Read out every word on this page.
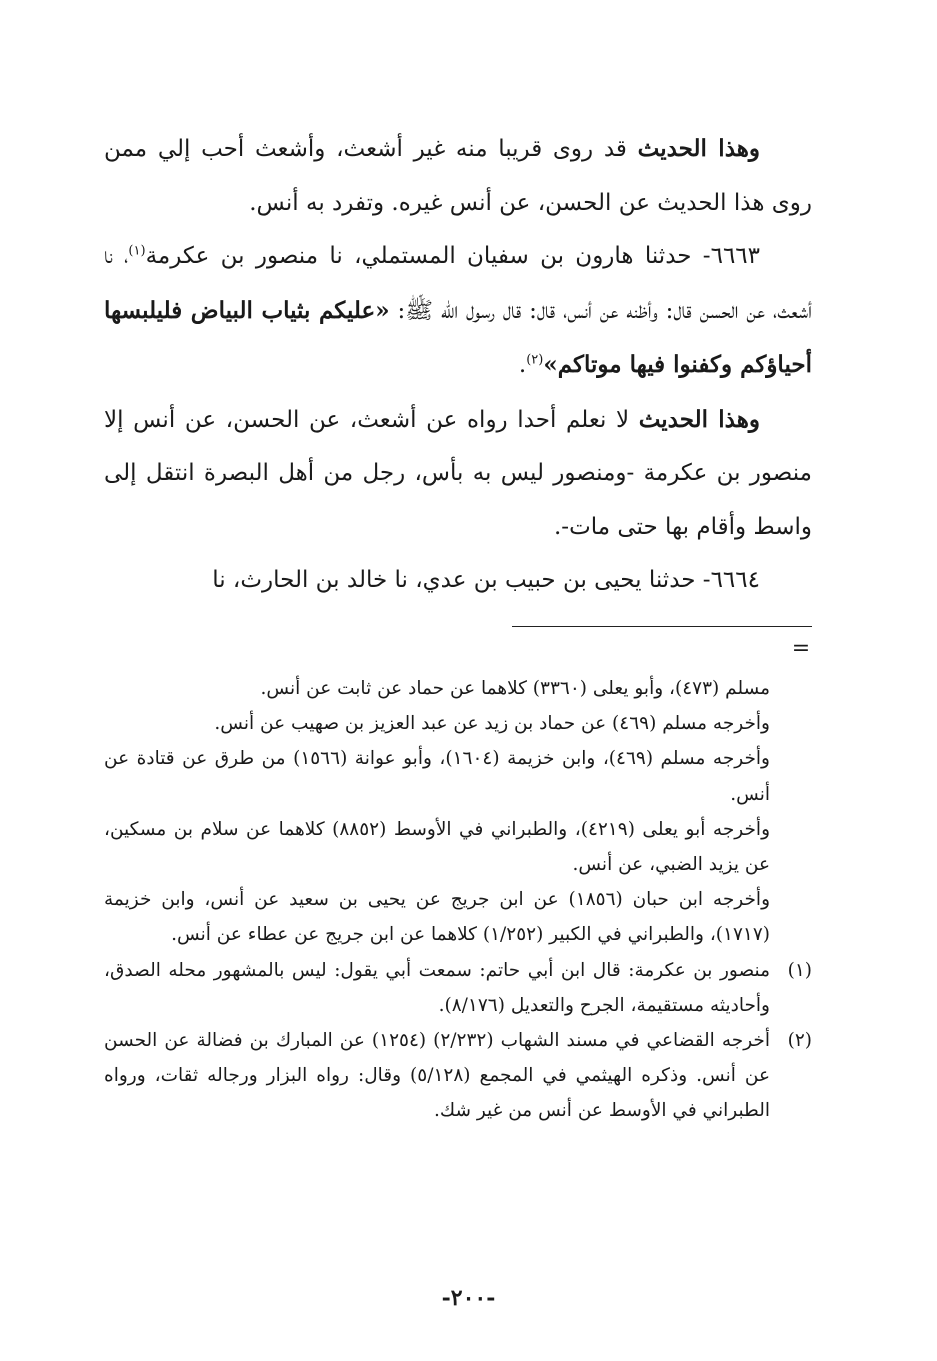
وهذا الحديث قد روى قريبا منه غير أشعث، وأشعث أحب إلي ممن روى هذا الحديث عن الحسن، عن أنس غيره. وتفرد به أنس.

٦٦٦٣- حدثنا هارون بن سفيان المستملي، نا منصور بن عكرمة$^{(١)}$، نا أشعث، عن الحسن قال: وأظنه عن أنس، قال: قال رسول الله ﷺ: «عليكم بثياب البياض فليلبسها أحياؤكم وكفنوا فيها موتاكم»$^{(٢)}$.

وهذا الحديث لا نعلم أحدا رواه عن أشعث، عن الحسن، عن أنس إلا منصور بن عكرمة -ومنصور ليس به بأس، رجل من أهل البصرة انتقل إلى واسط وأقام بها حتى مات-.

٦٦٦٤- حدثنا يحيى بن حبيب بن عدي، نا خالد بن الحارث، نا

=

مسلم (٤٧٣)، وأبو يعلى (٣٣٦٠) كلاهما عن حماد عن ثابت عن أنس.

وأخرجه مسلم (٤٦٩) عن حماد بن زيد عن عبد العزيز بن صهيب عن أنس.

وأخرجه مسلم (٤٦٩)، وابن خزيمة (١٦٠٤)، وأبو عوانة (١٥٦٦) من طرق عن قتادة عن أنس.

وأخرجه أبو يعلى (٤٢١٩)، والطبراني في الأوسط (٨٨٥٢) كلاهما عن سلام بن مسكين، عن يزيد الضبي، عن أنس.

وأخرجه ابن حبان (١٨٥٦) عن ابن جريج عن يحيى بن سعيد عن أنس، وابن خزيمة (١٧١٧)، والطبراني في الكبير (١/٢٥٢) كلاهما عن ابن جريج عن عطاء عن أنس.

(١)
منصور بن عكرمة: قال ابن أبي حاتم: سمعت أبي يقول: ليس بالمشهور محله الصدق، وأحاديثه مستقيمة، الجرح والتعديل (٨/١٧٦).
(٢)
أخرجه القضاعي في مسند الشهاب (٢/٢٣٢) (١٢٥٤) عن المبارك بن فضالة عن الحسن عن أنس. وذكره الهيثمي في المجمع (٥/١٢٨) وقال: رواه البزار ورجاله ثقات، ورواه الطبراني في الأوسط عن أنس من غير شك.
-٢٠٠-
